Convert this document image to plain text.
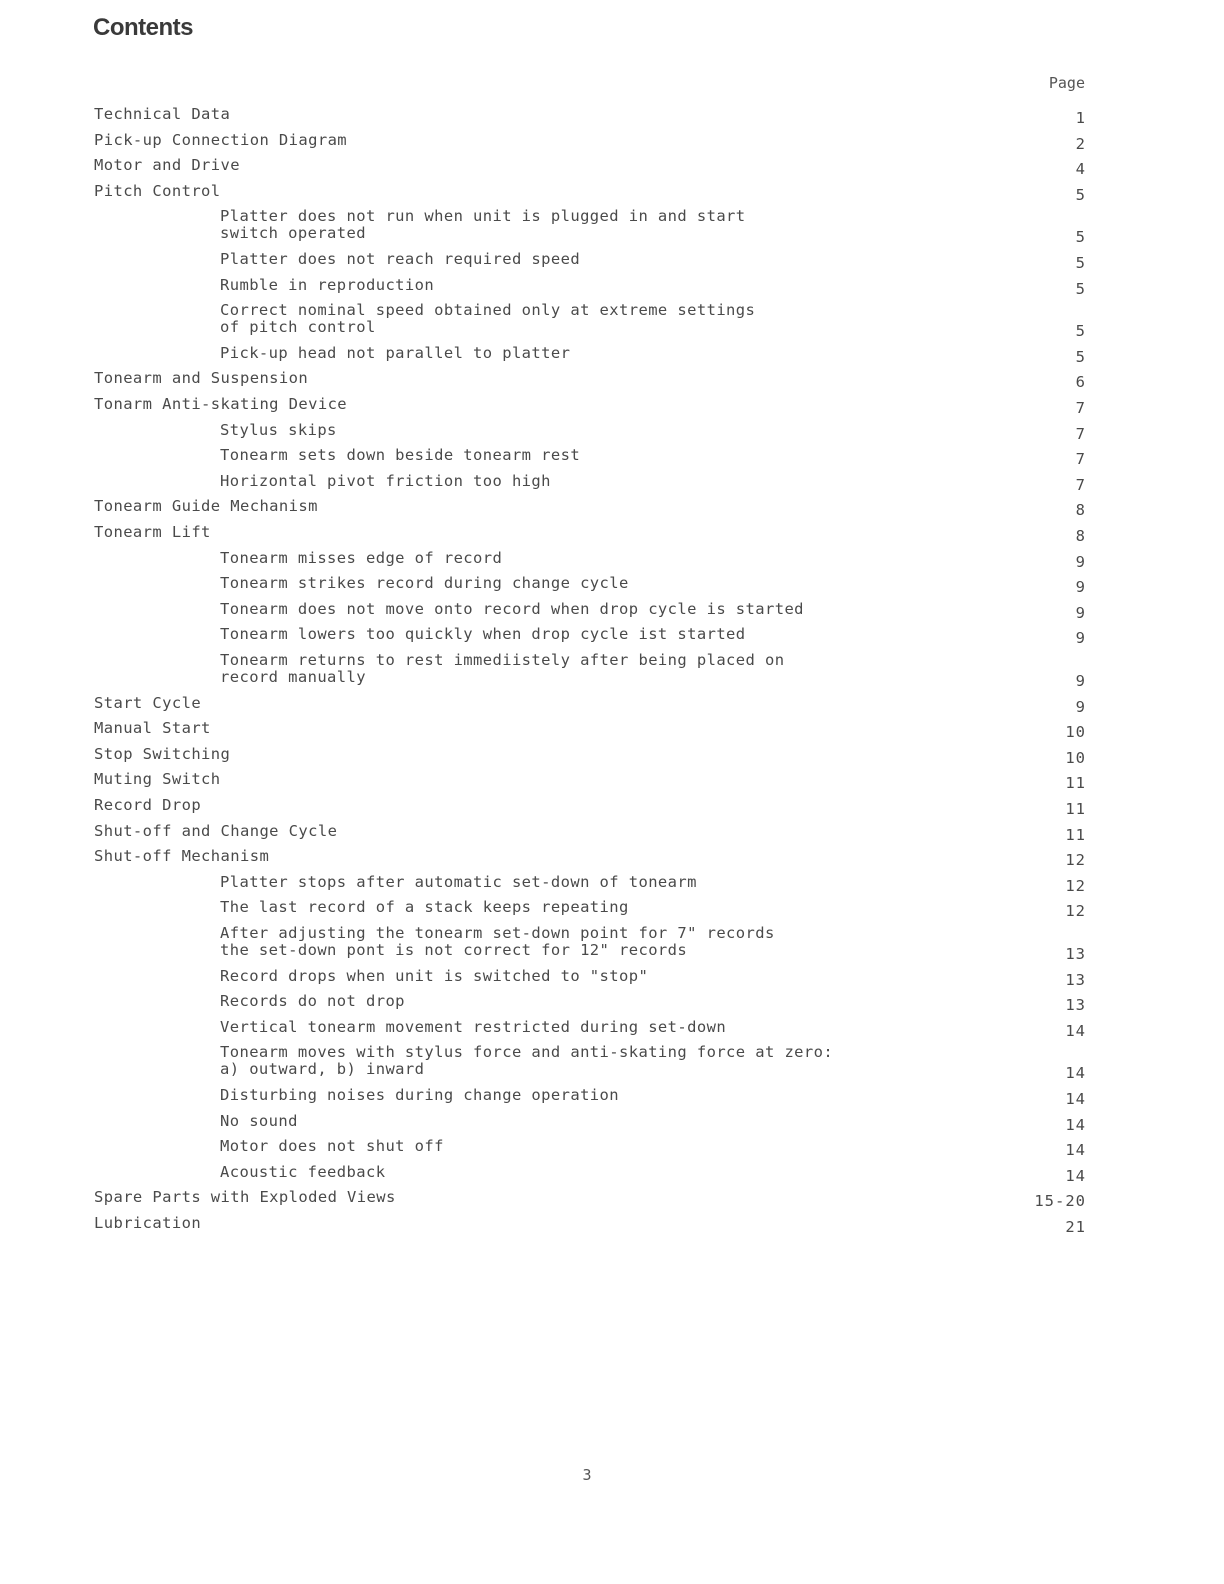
Contents
Page
Technical Data	1
Pick-up Connection Diagram	2
Motor and Drive	4
Pitch Control	5
Platter does not run when unit is plugged in and start
switch operated	5
Platter does not reach required speed	5
Rumble in reproduction	5
Correct nominal speed obtained only at extreme settings
of pitch control	5
Pick-up head not parallel to platter	5
Tonearm and Suspension	6
Tonarm Anti-skating Device	7
Stylus skips	7
Tonearm sets down beside tonearm rest	7
Horizontal pivot friction too high	7
Tonearm Guide Mechanism	8
Tonearm Lift	8
Tonearm misses edge of record	9
Tonearm strikes record during change cycle	9
Tonearm does not move onto record when drop cycle is started	9
Tonearm lowers too quickly when drop cycle ist started	9
Tonearm returns to rest immediistely after being placed on
record manually	9
Start Cycle	9
Manual Start	10
Stop Switching	10
Muting Switch	11
Record Drop	11
Shut-off and Change Cycle	11
Shut-off Mechanism	12
Platter stops after automatic set-down of tonearm	12
The last record of a stack keeps repeating	12
After adjusting the tonearm set-down point for 7" records
the set-down pont is not correct for 12" records	13
Record drops when unit is switched to "stop"	13
Records do not drop	13
Vertical tonearm movement restricted during set-down	14
Tonearm moves with stylus force and anti-skating force at zero:
a) outward, b) inward	14
Disturbing noises during change operation	14
No sound	14
Motor does not shut off	14
Acoustic feedback	14
Spare Parts with Exploded Views	15-20
Lubrication	21
3
